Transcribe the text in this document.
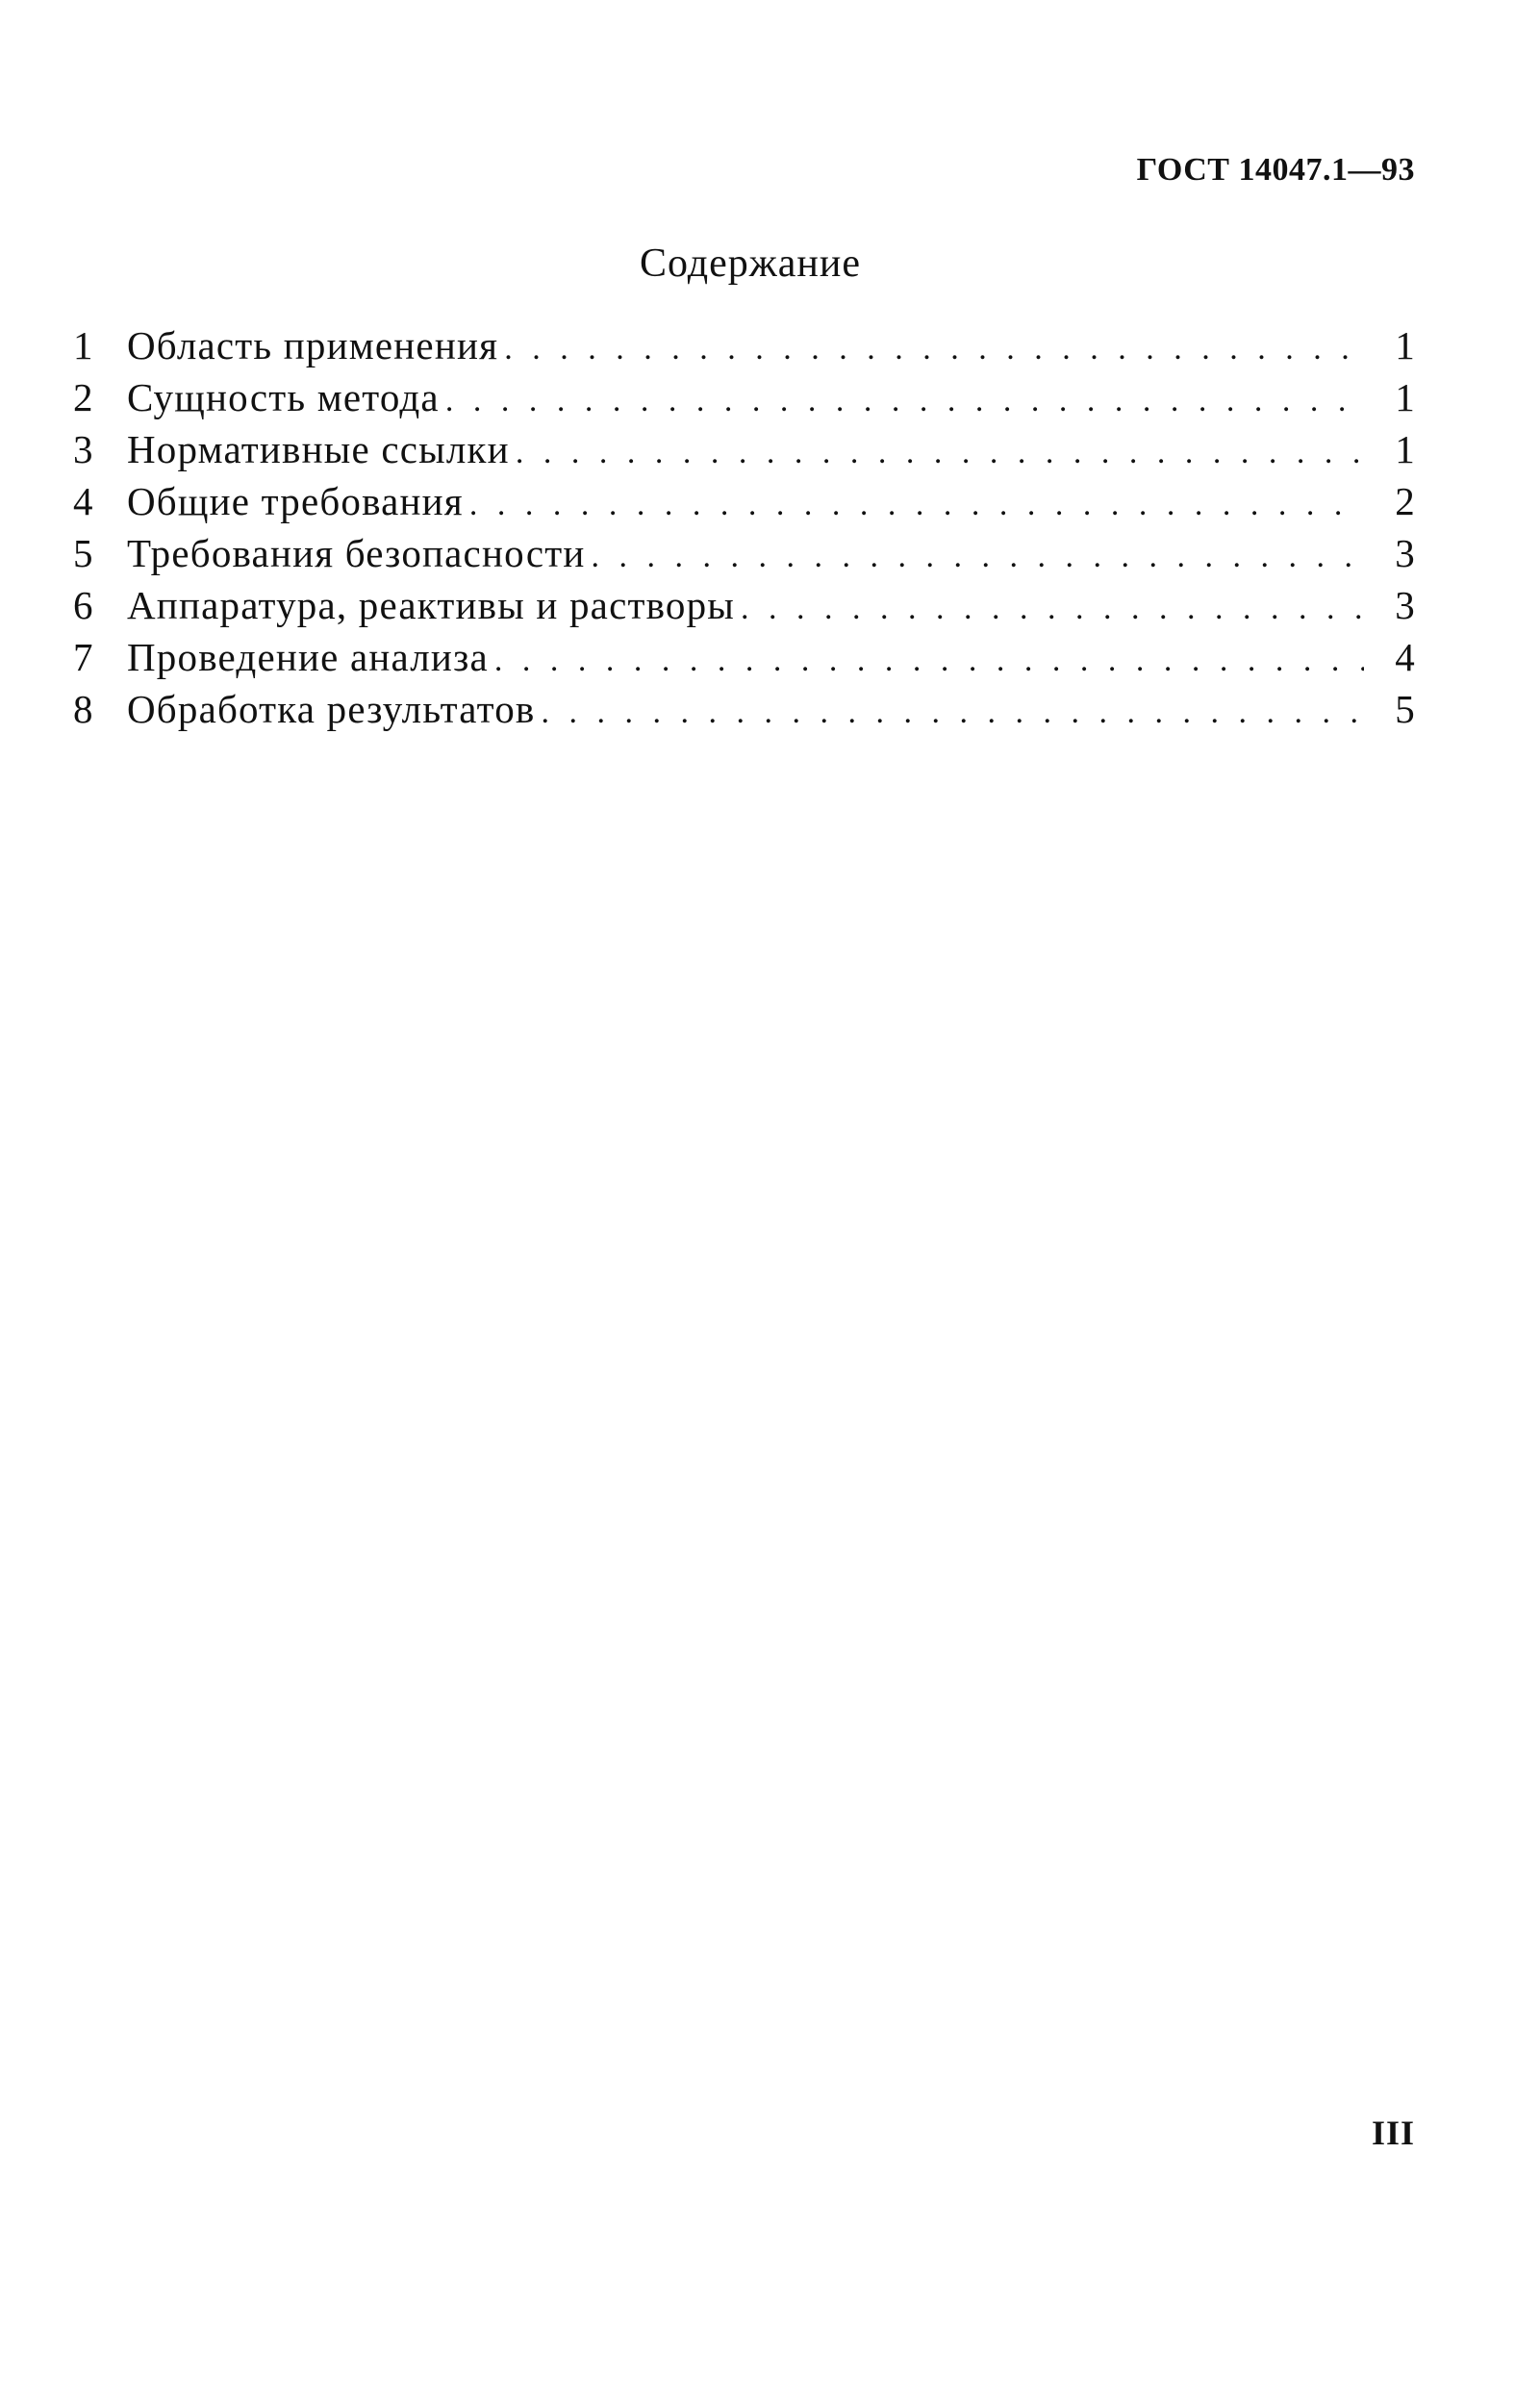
ГОСТ 14047.1—93
Содержание
1 Область применения . . .	1
2 Сущность метода . . .	1
3 Нормативные ссылки . . .	1
4 Общие требования . . .	2
5 Требования безопасности . . .	3
6 Аппаратура, реактивы и растворы . . .	3
7 Проведение анализа . . .	4
8 Обработка результатов . . .	5
III
